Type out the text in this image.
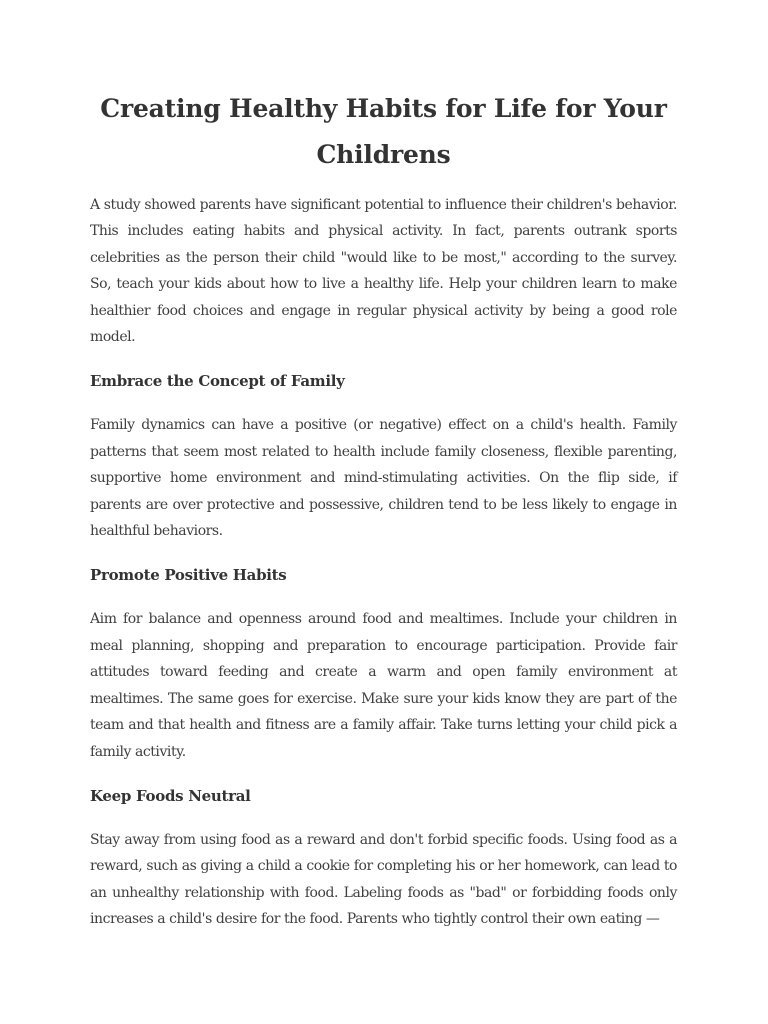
Creating Healthy Habits for Life for Your Childrens

A study showed parents have significant potential to influence their children's behavior. This includes eating habits and physical activity. In fact, parents outrank sports celebrities as the person their child "would like to be most," according to the survey. So, teach your kids about how to live a healthy life. Help your children learn to make healthier food choices and engage in regular physical activity by being a good role model.

Embrace the Concept of Family

Family dynamics can have a positive (or negative) effect on a child's health. Family patterns that seem most related to health include family closeness, flexible parenting, supportive home environment and mind-stimulating activities. On the flip side, if parents are over protective and possessive, children tend to be less likely to engage in healthful behaviors.

Promote Positive Habits

Aim for balance and openness around food and mealtimes. Include your children in meal planning, shopping and preparation to encourage participation. Provide fair attitudes toward feeding and create a warm and open family environment at mealtimes. The same goes for exercise. Make sure your kids know they are part of the team and that health and fitness are a family affair. Take turns letting your child pick a family activity.

Keep Foods Neutral

Stay away from using food as a reward and don't forbid specific foods. Using food as a reward, such as giving a child a cookie for completing his or her homework, can lead to an unhealthy relationship with food. Labeling foods as "bad" or forbidding foods only increases a child's desire for the food. Parents who tightly control their own eating —
